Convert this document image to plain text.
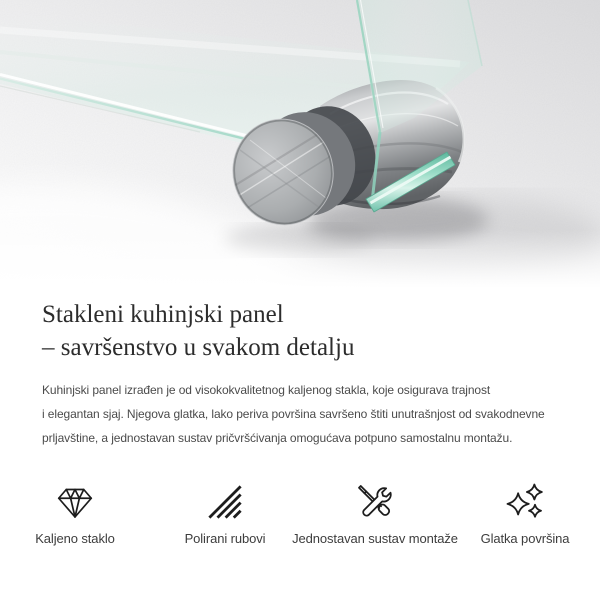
Stakleni kuhinjski panel
– savršenstvo u svakom detalju

Kuhinjski panel izrađen je od visokokvalitetnog kaljenog stakla, koje osigurava trajnost
i elegantan sjaj. Njegova glatka, lako periva površina savršeno štiti unutrašnjost od svakodnevne
prljavštine, a jednostavan sustav pričvršćivanja omogućava potpuno samostalnu montažu.

Kaljeno staklo	Polirani rubovi Jednostavan sustav montaže Glatka površina
